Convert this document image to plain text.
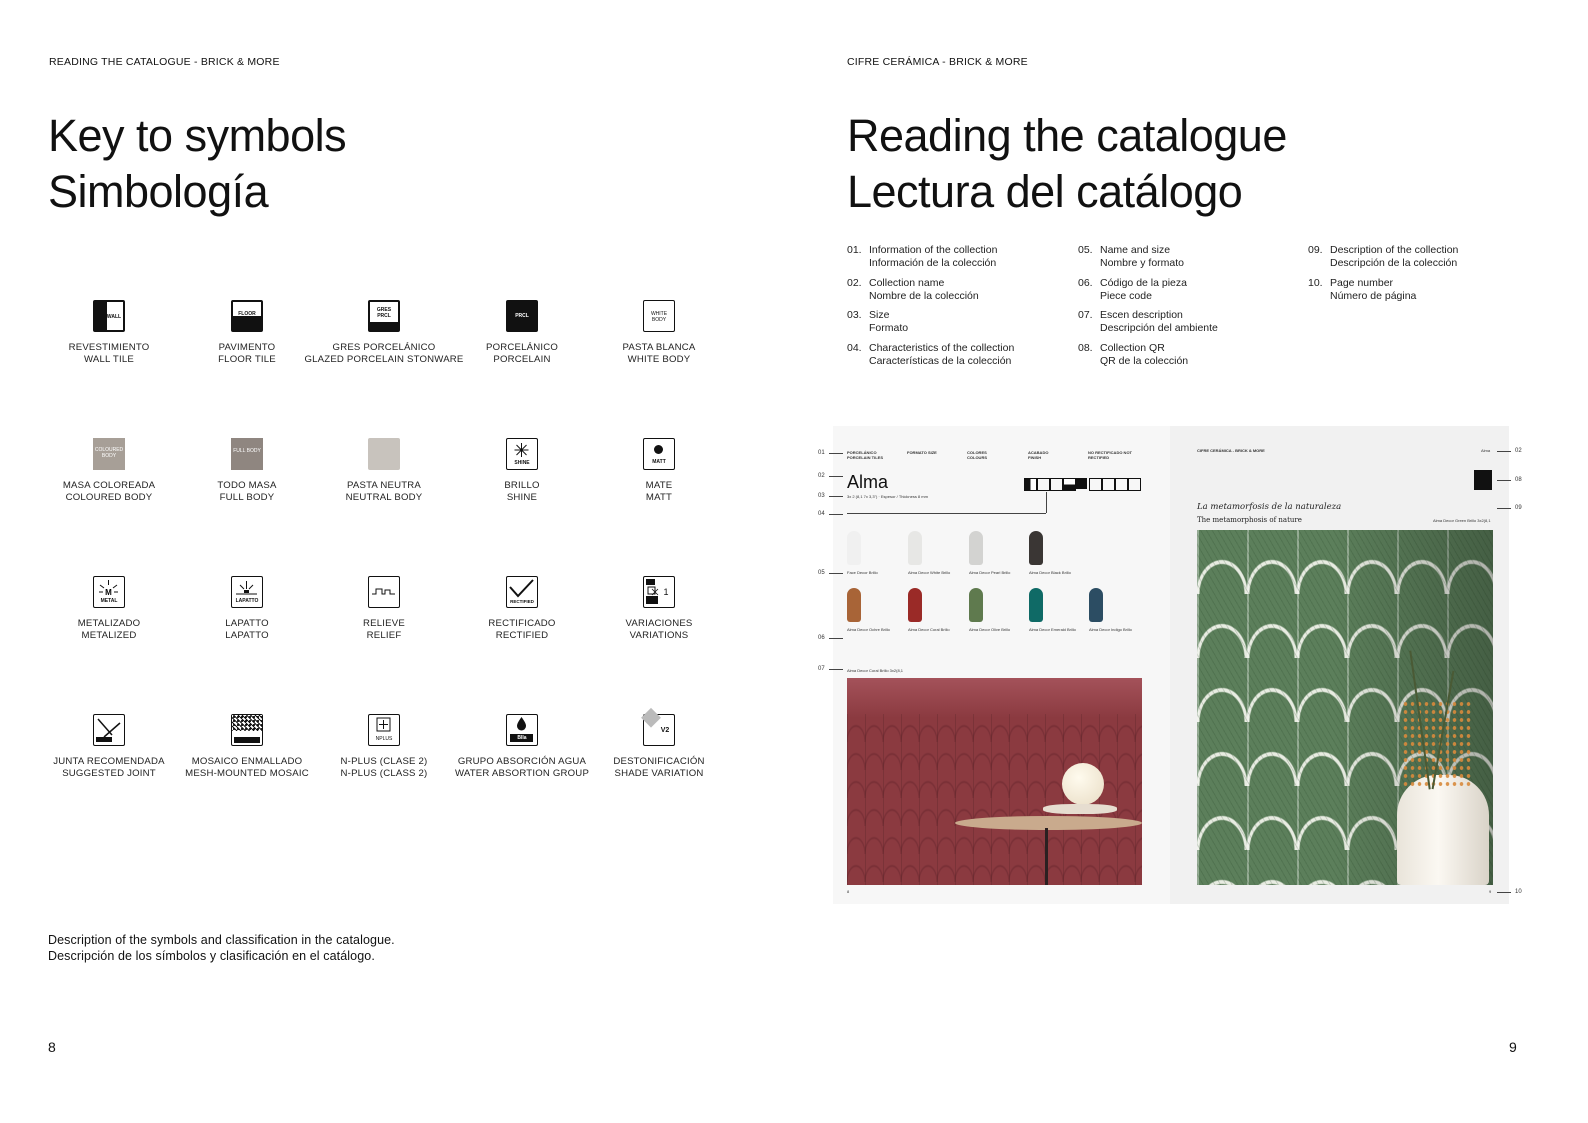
READING THE CATALOGUE - BRICK & MORE
Key to symbols
Simbología
WALL
REVESTIMIENTO
WALL TILE
FLOOR
PAVIMENTO
FLOOR TILE
GRES PRCL
GRES PORCELÁNICO
GLAZED PORCELAIN STONWARE
PRCL
PORCELÁNICO
PORCELAIN
WHITE BODY
PASTA BLANCA
WHITE BODY
COLOURED BODY
MASA COLOREADA
COLOURED BODY
FULL BODY
TODO MASA
FULL BODY
PASTA NEUTRA
NEUTRAL BODY
SHINE
BRILLO
SHINE
MATT
MATE
MATT
M
METAL
METALIZADO
METALIZED
LAPATTO
LAPATTO
LAPATTO
RELIEVE
RELIEF
RECTIFIED
RECTIFICADO
RECTIFIED
1
VARIACIONES
VARIATIONS
JUNTA RECOMENDADA
SUGGESTED JOINT
MOSAICO ENMALLADO
MESH-MOUNTED MOSAIC
NPLUS
N-PLUS (CLASE 2)
N-PLUS (CLASS 2)
BIIa
GRUPO ABSORCIÓN AGUA
WATER ABSORTION GROUP
V2
DESTONIFICACIÓN
SHADE VARIATION
Description of the symbols and classification in the catalogue.
Descripción de los símbolos y clasificación en el catálogo.
8
CIFRE CERÁMICA - BRICK & MORE
Reading the catalogue
Lectura del catálogo
01. Information of the collection
Información de la colección
02. Collection name
Nombre de la colección
03. Size
Formato
04. Characteristics of the collection
Características de la colección
05. Name and size
Nombre y formato
06. Código de la pieza
Piece code
07. Escen description
Descripción del ambiente
08. Collection QR
QR de la colección
09. Description of the collection
Descripción de la colección
10. Page number
Número de página
PORCELÁNICO PORCELAIN TILES
FORMATO SIZE	COLORES COLOURS
ACABADO FINISH
NO RECTIFICADO NOT RECTIFIED
Alma
3x 2 (8,1 7x 3,3") · Espesor / Thickness 8 mm
Face Decor Brillo	Alma Decor White Brillo	Alma Decor Pearl Brillo	Alma Decor Black Brillo
Alma Decor Ochre Brillo	Alma Decor Coral Brillo	Alma Decor Olive Brillo	Alma Decor Emerald Brillo	Alma Decor Indigo Brillo
Alma Decor Coral Brillo 3x2(8,1
8
CIFRE CERÁMICA - BRICK & MORE	Alma
La metamorfosis de la naturaleza
The metamorphosis of nature	Alma Decor Green Brillo 3x2(8,1
9
01
02
03
04
05
06
07
02
08
09
10
9
